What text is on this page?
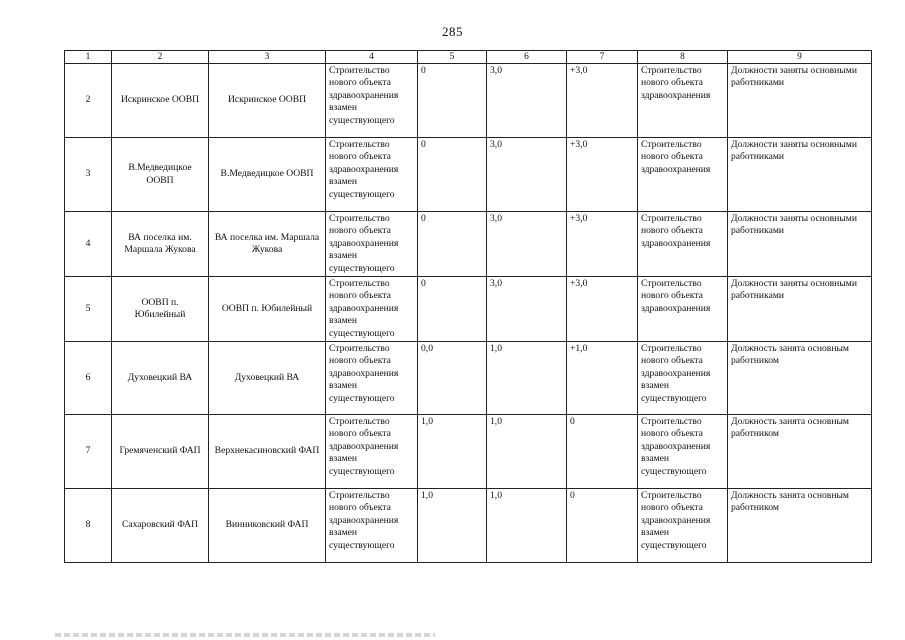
285
1	2	3	4	5	6	7	8	9
2	Искринское ООВП	Искринское ООВП	Строительство нового объекта здравоохранения взамен существующего	0	3,0	+3,0	Строительство нового объекта здравоохранения	Должности заняты основными работниками
3	В.Медведицкое ООВП	В.Медведицкое ООВП	Строительство нового объекта здравоохранения взамен существующего	0	3,0	+3,0	Строительство нового объекта здравоохранения	Должности заняты основными работниками
4	ВА поселка им. Маршала Жукова	ВА поселка им. Маршала Жукова	Строительство нового объекта здравоохранения взамен существующего	0	3,0	+3,0	Строительство нового объекта здравоохранения	Должности заняты основными работниками
5	ООВП п. Юбилейный	ООВП п. Юбилейный	Строительство нового объекта здравоохранения взамен существующего	0	3,0	+3,0	Строительство нового объекта здравоохранения	Должности заняты основными работниками
6	Духовецкий ВА	Духовецкий ВА	Строительство нового объекта здравоохранения взамен существующего	0,0	1,0	+1,0	Строительство нового объекта здравоохранения взамен существующего	Должность занята основным работником
7	Гремяченский ФАП	Верхнекасиновский ФАП	Строительство нового объекта здравоохранения взамен существующего	1,0	1,0	0	Строительство нового объекта здравоохранения взамен существующего	Должность занята основным работником
8	Сахаровский ФАП	Винниковский ФАП	Строительство нового объекта здравоохранения взамен существующего	1,0	1,0	0	Строительство нового объекта здравоохранения взамен существующего	Должность занята основным работником
